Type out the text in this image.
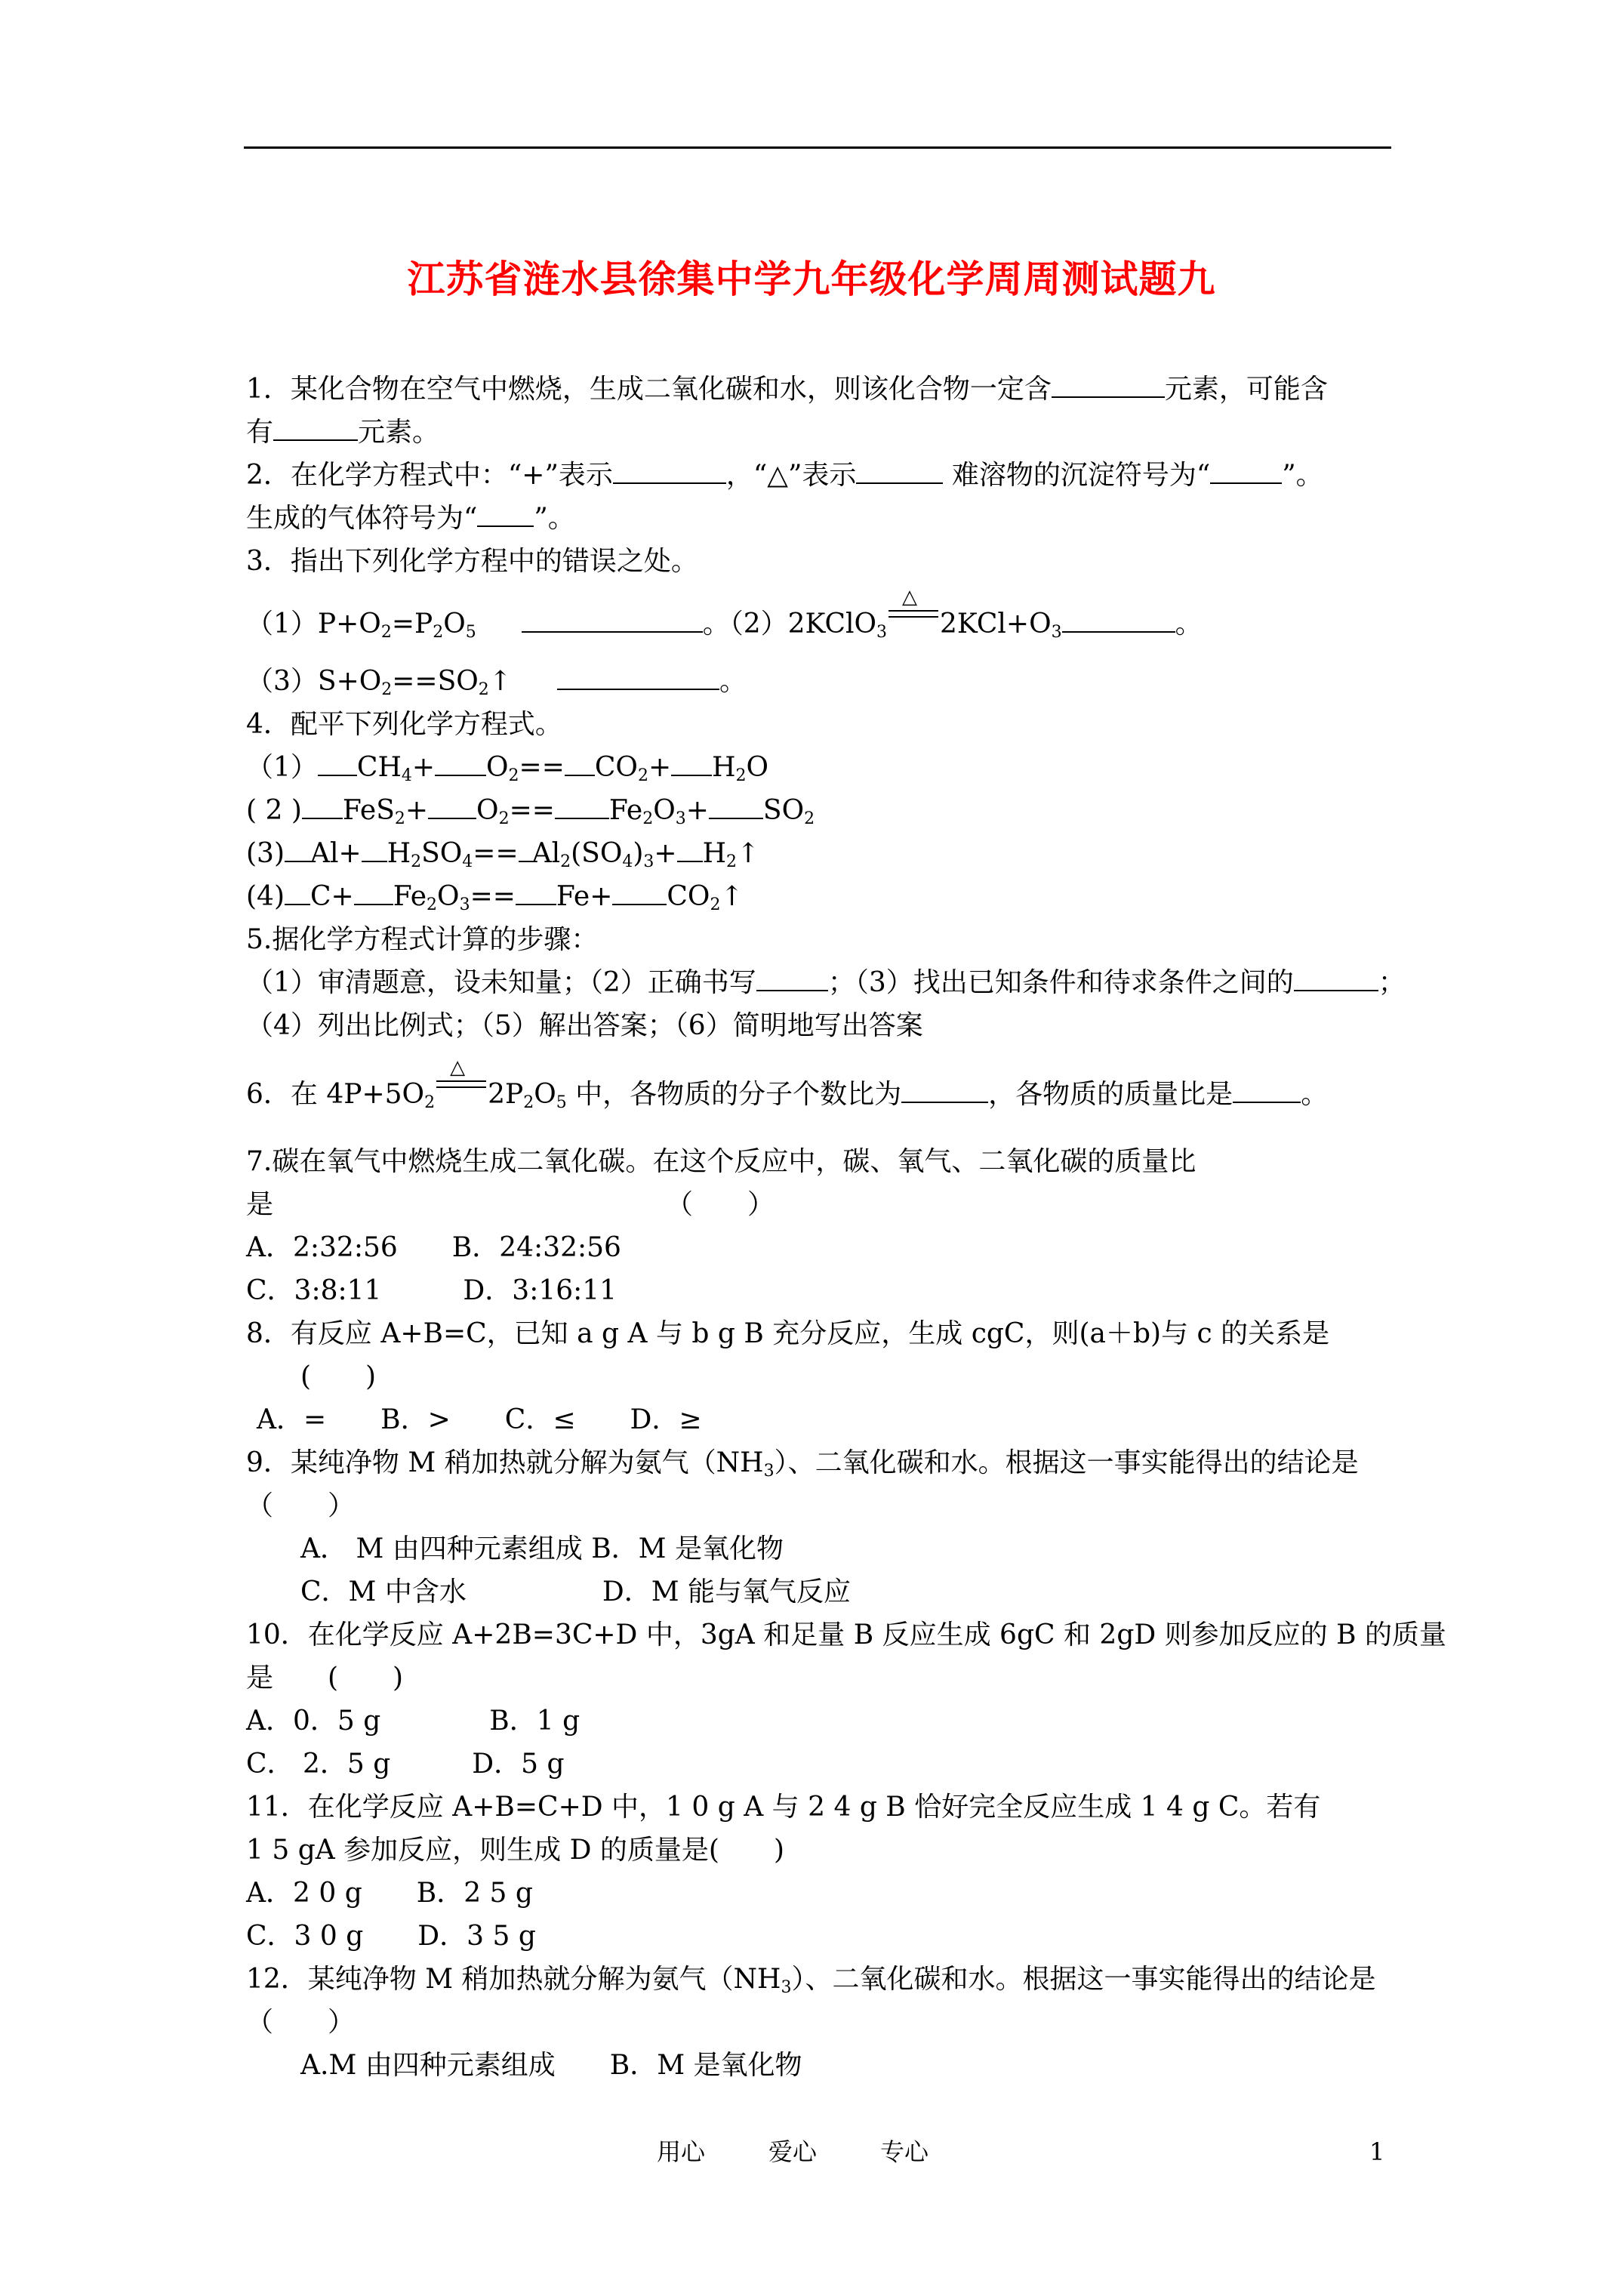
江苏省涟水县徐集中学九年级化学周周测试题九
1．某化合物在空气中燃烧，生成二氧化碳和水，则该化合物一定含	元素，可能含
有	元素。
2．在化学方程式中：“+”表示	，“△”表示	难溶物的沉淀符号为“	”。
生成的气体符号为“ ”。
3．指出下列化学方程中的错误之处。
$(1)P+O_2=P_2O_5$	。（2）2KClO$_3$
△
$2KCl+O_3$	。
$(3)S+O_2==SO_2↑$	。
4．配平下列化学方程式。
（1） $CH_4+ O_2== CO_2+ H_2O$
( 2 ) $FeS_2+ O_2== Fe_2O_3+ SO_2$
(3) $Al+ H_2SO_4== Al_2(SO_4)_3+$ $H_2↑$
(4) $C+ Fe_2O_3== Fe+$ $CO_2↑$
5.据化学方程式计算的步骤：
（1）审清题意，设未知量；（2）正确书写	；（3）找出已知条件和待求条件之间的	；
（4）列出比例式；（5）解出答案；（6）简明地写出答案
6．在 $4P+5O_2$
△
$2P_2O_5$ 中，各物质的分子个数比为	，各物质的质量比是	。
7.碳在氧气中燃烧生成二氧化碳。在这个反应中，碳、氧气、二氧化碳的质量比
是	（　　）
A．2:32:56　　B．24:32:56
C．3:8:11　　　D．3:16:11
8．有反应 A+B=C，已知 a g A 与 b g B 充分反应，生成 cgC，则(a＋b)与 c 的关系是
(　　)
A．=　　B．>　　C．≤　　D．≥
9．某纯净物 M 稍加热就分解为氨气$(NH_3)$、二氧化碳和水。根据这一事实能得出的结论是
（　　）
A． M 由四种元素组成 B．M 是氧化物
C．M 中含水　　　　　D．M 能与氧气反应
10．在化学反应 A+2B=3C+D 中，3gA 和足量 B 反应生成 6gC 和 2gD 则参加反应的 B 的质量
是　　(　　)
A．0．5 g　　　　B．1 g
C． 2．5 g　　　D．5 g
11．在化学反应 A+B=C+D 中，1 0 g A 与 2 4 g B 恰好完全反应生成 1 4 g C。若有
1 5 gA 参加反应，则生成 D 的质量是(　　)
A．2 0 g　　B．2 5 g
C．3 0 g　　D．3 5 g
12．某纯净物 M 稍加热就分解为氨气$(NH_3)$、二氧化碳和水。根据这一事实能得出的结论是
（　　）
A.M 由四种元素组成　　B．M 是氧化物
用心	爱心	专心	1
